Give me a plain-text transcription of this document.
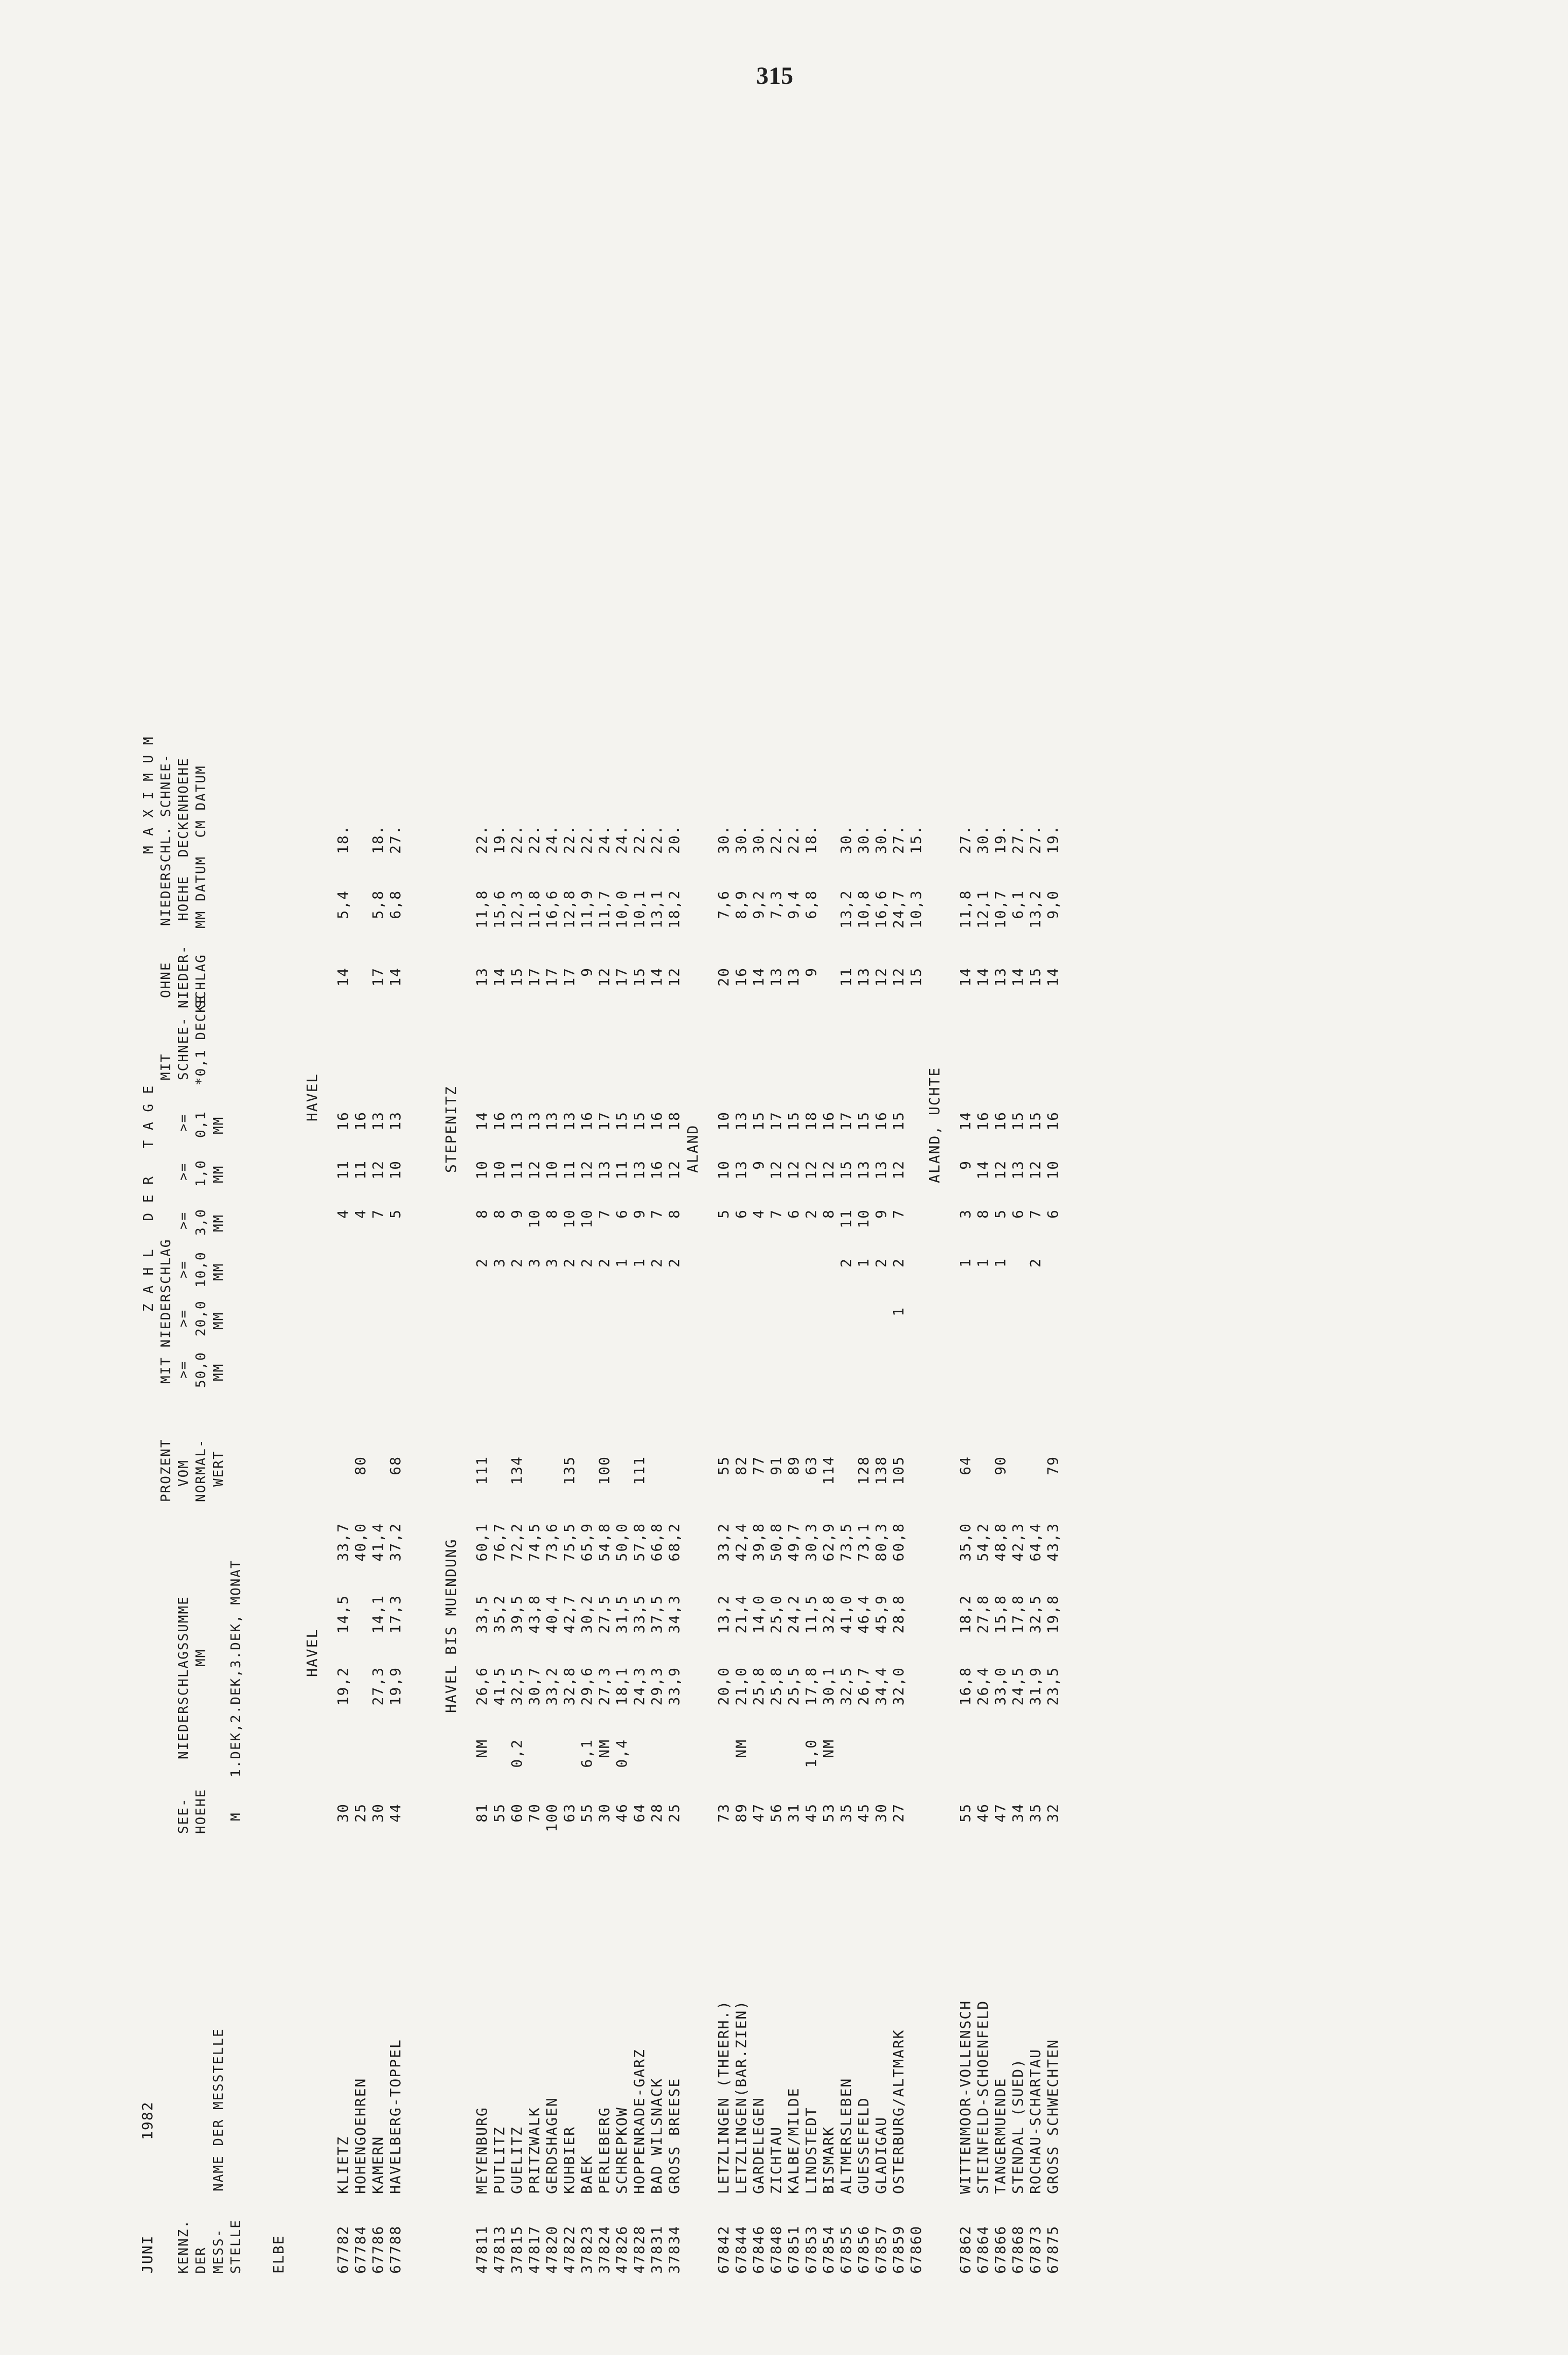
315
JUNI
1982
KENNZ. DER MESS- STELLE
NAME DER MESSTELLE
SEE- HOEHE M
NIEDERSCHLAGSSUMME MM 1.DEK,2.DEK,3.DEK, MONAT
PROZENT VOM NORMAL- WERT
Z A H L   D E R   T A G E MIT NIEDERSCHLAG >=
>=
>=
>=
>=
>=
50,0
20,0
10,0
3,0
1,0
0,1
MM
MM
MM
MM
MM
MM
MIT SCHNEE- *0,1 DECKE
OHNE NIEDER- SCHLAG
M A X I M U M NIEDERSCHL. SCHNEE- HOEHE  DECKENHOEHE MM DATUM  CM DATUM
ELBE
HAVEL
HAVEL
67782
KLIETZ
30
19,2
14,5
33,7
4
11
16
14
5,4
18.
67784
HOHENGOEHREN
25
40,0
80
4
11
16
67786
KAMERN
30
27,3
14,1
41,4
7
12
13
17
5,8
18.
67788
HAVELBERG-TOPPEL
44
19,9
17,3
37,2
68
5
10
13
14
6,8
27.
HAVEL BIS MUENDUNG
STEPENITZ
47811
MEYENBURG
81
NM
26,6
33,5
60,1
111
2
8
10
14
13
11,8
22.
47813
PUTLITZ
55
41,5
35,2
76,7
3
8
10
16
14
15,6
19.
37815
GUELITZ
60
0,2
32,5
39,5
72,2
134
2
9
11
13
15
12,3
22.
47817
PRITZWALK
70
30,7
43,8
74,5
3
10
12
13
17
11,8
22.
47820
GERDSHAGEN
100
33,2
40,4
73,6
3
8
10
13
17
16,6
24.
47822
KUHBIER
63
32,8
42,7
75,5
135
2
10
11
13
17
12,8
22.
37823
BAEK
55
6,1
29,6
30,2
65,9
2
10
12
16
9
11,9
22.
37824
PERLEBERG
30
NM
27,3
27,5
54,8
100
2
7
13
17
12
11,7
24.
47826
SCHREPKOW
46
0,4
18,1
31,5
50,0
1
6
11
15
17
10,0
24.
47828
HOPPENRADE-GARZ
64
24,3
33,5
57,8
111
1
9
13
15
15
10,1
22.
37831
BAD WILSNACK
28
29,3
37,5
66,8
2
7
16
16
14
13,1
22.
37834
GROSS BREESE
25
33,9
34,3
68,2
2
8
12
18
12
18,2
20.
ALAND
67842
LETZLINGEN (THEERH.)
73
20,0
13,2
33,2
55
5
10
10
20
7,6
30.
67844
LETZLINGEN(BAR.ZIEN)
89
NM
21,0
21,4
42,4
82
6
13
13
16
8,9
30.
67846
GARDELEGEN
47
25,8
14,0
39,8
77
4
9
15
14
9,2
30.
67848
ZICHTAU
56
25,8
25,0
50,8
91
7
12
17
13
7,3
22.
67851
KALBE/MILDE
31
25,5
24,2
49,7
89
6
12
15
13
9,4
22.
67853
LINDSTEDT
45
1,0
17,8
11,5
30,3
63
2
12
18
9
6,8
18.
67854
BISMARK
53
NM
30,1
32,8
62,9
114
8
12
16
67855
ALTMERSLEBEN
35
32,5
41,0
73,5
2
11
15
17
11
13,2
30.
67856
GUESSEFELD
45
26,7
46,4
73,1
128
1
10
13
15
13
10,8
30.
67857
GLADIGAU
30
34,4
45,9
80,3
138
2
9
13
16
12
16,6
30.
67859
OSTERBURG/ALTMARK
27
32,0
28,8
60,8
105
1
2
7
12
15
12
24,7
27.
67860
15
10,3
15.
ALAND, UCHTE
67862
WITTENMOOR-VOLLENSCH
55
16,8
18,2
35,0
64
1
3
9
14
14
11,8
27.
67864
STEINFELD-SCHOENFELD
46
26,4
27,8
54,2
1
8
14
16
14
12,1
30.
67866
TANGERMUENDE
47
33,0
15,8
48,8
90
1
5
12
16
13
10,7
19.
67868
STENDAL (SUED)
34
24,5
17,8
42,3
6
13
15
14
6,1
27.
67873
ROCHAU-SCHARTAU
35
31,9
32,5
64,4
2
7
12
15
15
13,2
27.
67875
GROSS SCHWECHTEN
32
23,5
19,8
43,3
79
6
10
16
14
9,0
19.
